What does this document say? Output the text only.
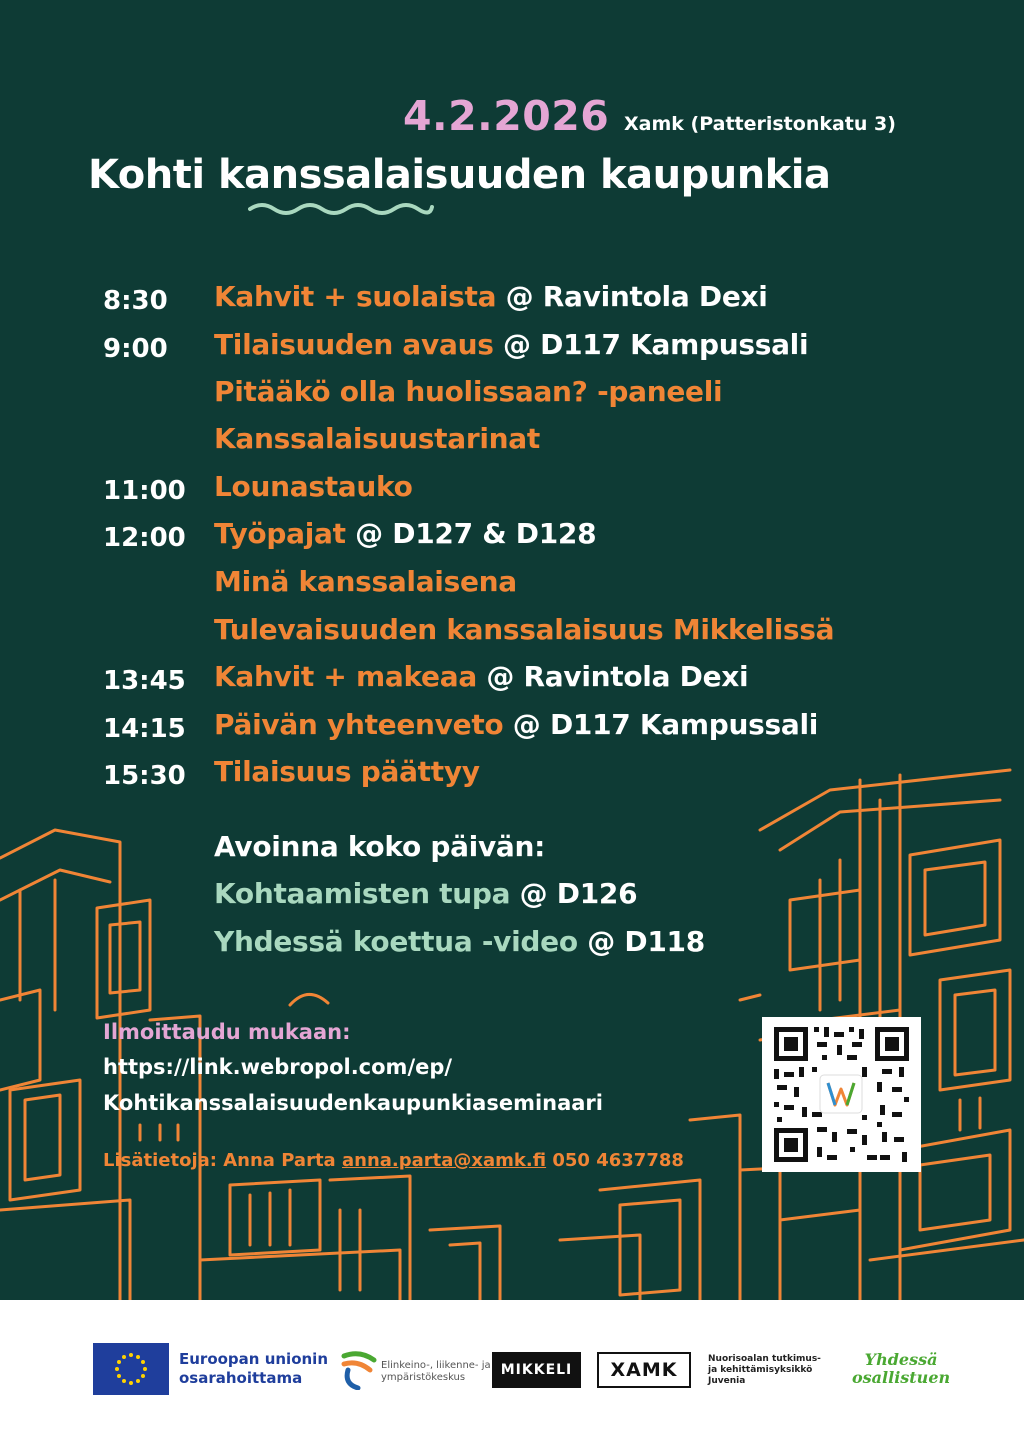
4.2.2026 Xamk (Patteristonkatu 3)
Kohti kanssalaisuuden kaupunkia
8:30 Kahvit + suolaista @ Ravintola Dexi
9:00 Tilaisuuden avaus @ D117 Kampussali
Pitääkö olla huolissaan? -paneeli
Kanssalaisuustarinat
11:00 Lounastauko
12:00 Työpajat @ D127 & D128
Minä kanssalaisena
Tulevaisuuden kanssalaisuus Mikkelissä
13:45 Kahvit + makeaa @ Ravintola Dexi
14:15 Päivän yhteenveto @ D117 Kampussali
15:30 Tilaisuus päättyy
Avoinna koko päivän:
Kohtaamisten tupa @ D126
Yhdessä koettua -video @ D118
Ilmoittaudu mukaan:
https://link.webropol.com/ep/
Kohtikanssalaisuudenkaupunkiaseminaari
Lisätietoja: Anna Parta anna.parta@xamk.fi 050 4637788
Euroopan unionin
osarahoittama
Elinkeino-, liikenne- ja
ympäristökeskus	MIKKELI	XAMK	Nuorisoalan tutkimus-
ja kehittämisyksikkö
Juvenia
Yhdessä
osallistuen
